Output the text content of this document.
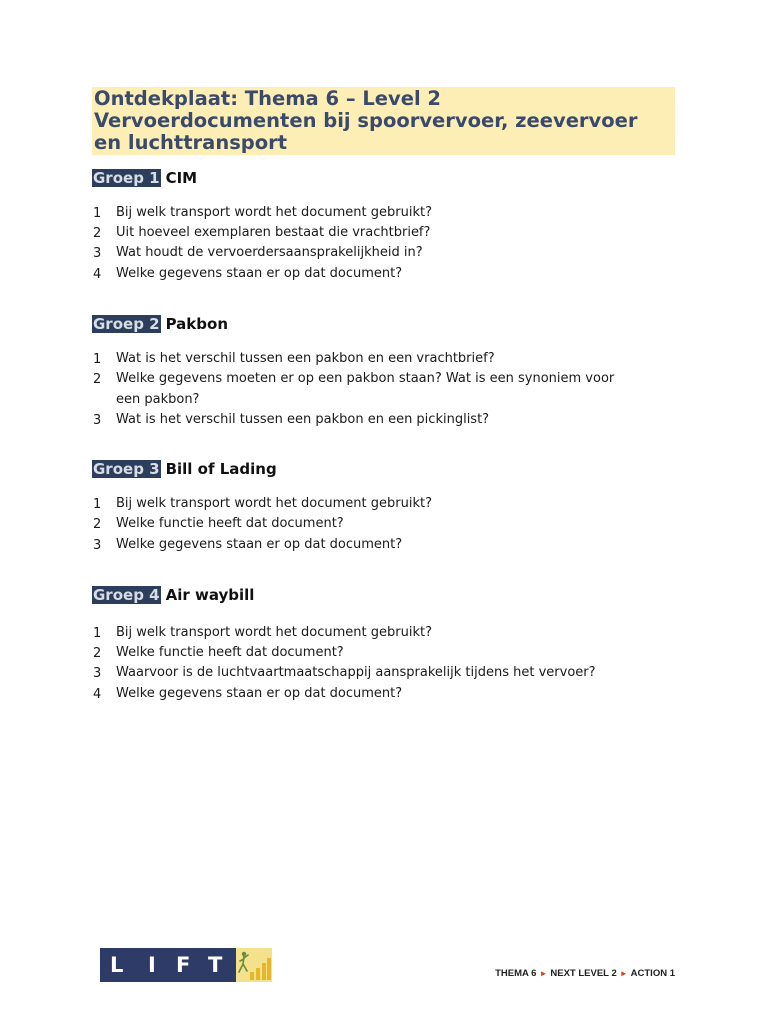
Ontdekplaat: Thema 6 – Level 2
Vervoerdocumenten bij spoorvervoer, zeevervoer
en luchttransport
Groep 1 CIM
1 Bij welk transport wordt het document gebruikt?
2 Uit hoeveel exemplaren bestaat die vrachtbrief?
3 Wat houdt de vervoerdersaansprakelijkheid in?
4 Welke gegevens staan er op dat document?
Groep 2 Pakbon
1 Wat is het verschil tussen een pakbon en een vrachtbrief?
2 Welke gegevens moeten er op een pakbon staan? Wat is een synoniem voor een pakbon?
3 Wat is het verschil tussen een pakbon en een pickinglist?
Groep 3 Bill of Lading
1 Bij welk transport wordt het document gebruikt?
2 Welke functie heeft dat document?
3 Welke gegevens staan er op dat document?
Groep 4 Air waybill
1 Bij welk transport wordt het document gebruikt?
2 Welke functie heeft dat document?
3 Waarvoor is de luchtvaartmaatschappij aansprakelijk tijdens het vervoer?
4 Welke gegevens staan er op dat document?
L I F T	THEMA 6 ► NEXT LEVEL 2 ► ACTION 1
